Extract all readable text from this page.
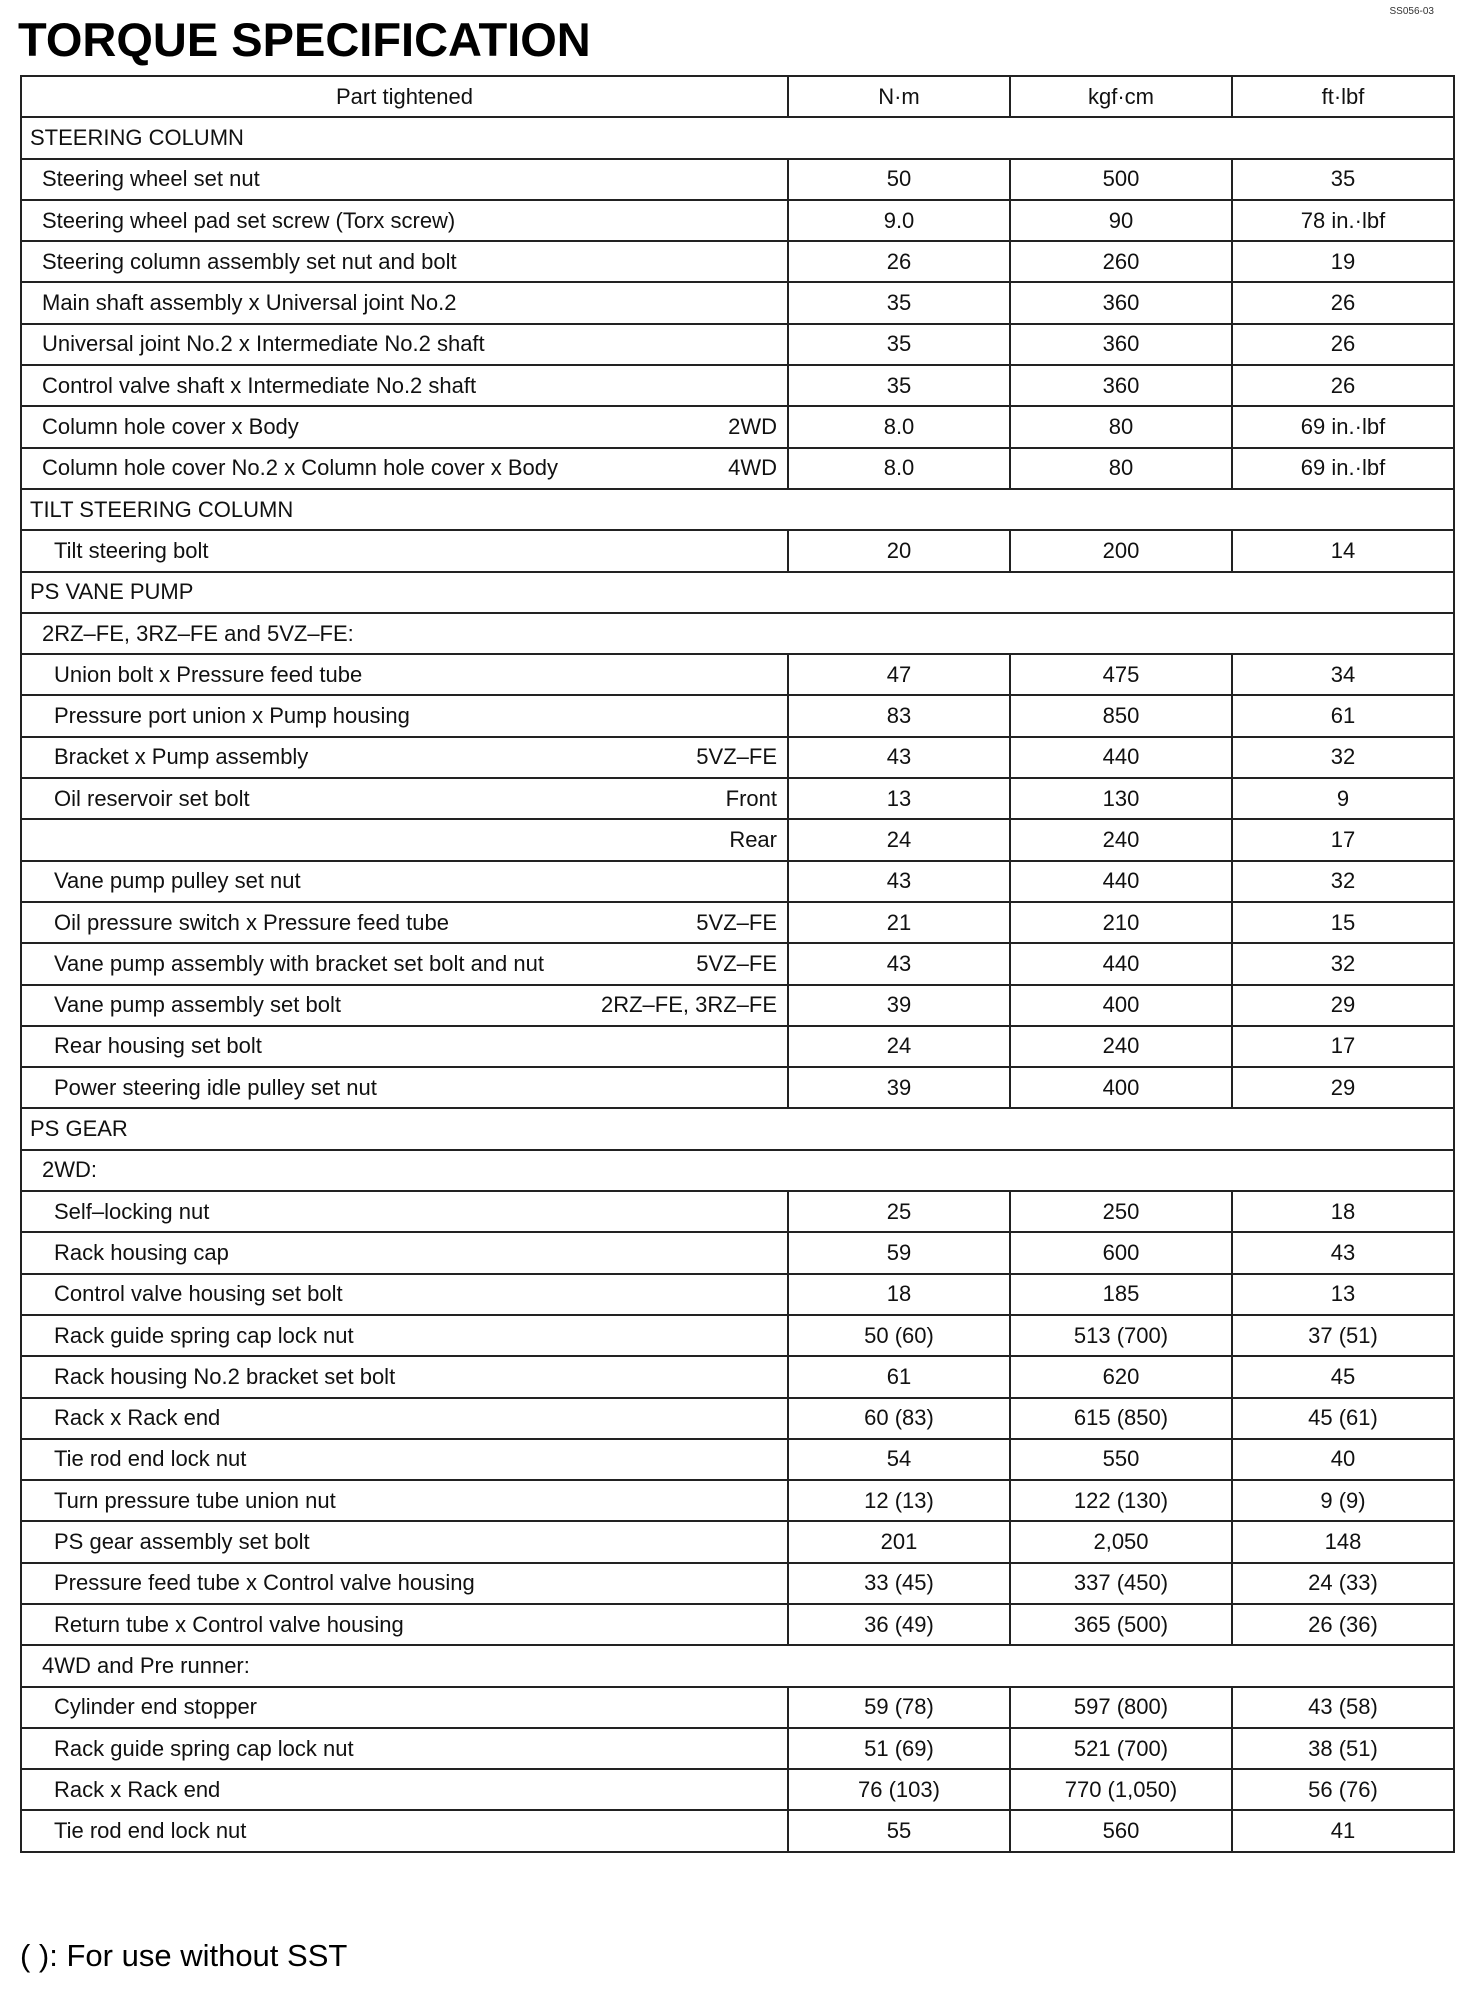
SS056-03
TORQUE SPECIFICATION
Part tightened	N·m	kgf·cm	ft·lbf
STEERING COLUMN			

Steering wheel set nut	50	500	35

Steering wheel pad set screw (Torx screw)	9.0	90	78 in.·lbf

Steering column assembly set nut and bolt	26	260	19

Main shaft assembly x Universal joint No.2	35	360	26

Universal joint No.2 x Intermediate No.2 shaft	35	360	26

Control valve shaft x Intermediate No.2 shaft	35	360	26

Column hole cover x Body 2WD	8.0	80	69 in.·lbf

Column hole cover No.2 x Column hole cover x Body 4WD	8.0	80	69 in.·lbf
TILT STEERING COLUMN			

Tilt steering bolt	20	200	14
PS VANE PUMP			
2RZ–FE, 3RZ–FE and 5VZ–FE:			

Union bolt x Pressure feed tube	47	475	34

Pressure port union x Pump housing	83	850	61

Bracket x Pump assembly 5VZ–FE	43	440	32

Oil reservoir set bolt Front	13	130	9

Rear	24	240	17

Vane pump pulley set nut	43	440	32

Oil pressure switch x Pressure feed tube 5VZ–FE	21	210	15

Vane pump assembly with bracket set bolt and nut 5VZ–FE	43	440	32

Vane pump assembly set bolt 2RZ–FE, 3RZ–FE	39	400	29

Rear housing set bolt	24	240	17

Power steering idle pulley set nut	39	400	29
PS GEAR			
2WD:			

Self–locking nut	25	250	18

Rack housing cap	59	600	43

Control valve housing set bolt	18	185	13

Rack guide spring cap lock nut	50 (60)	513 (700)	37 (51)

Rack housing No.2 bracket set bolt	61	620	45

Rack x Rack end	60 (83)	615 (850)	45 (61)

Tie rod end lock nut	54	550	40

Turn pressure tube union nut	12 (13)	122 (130)	9 (9)

PS gear assembly set bolt	201	2,050	148

Pressure feed tube x Control valve housing	33 (45)	337 (450)	24 (33)

Return tube x Control valve housing	36 (49)	365 (500)	26 (36)
4WD and Pre runner:			

Cylinder end stopper	59 (78)	597 (800)	43 (58)

Rack guide spring cap lock nut	51 (69)	521 (700)	38 (51)

Rack x Rack end	76 (103)	770 (1,050)	56 (76)

Tie rod end lock nut	55	560	41

( ): For use without SST
